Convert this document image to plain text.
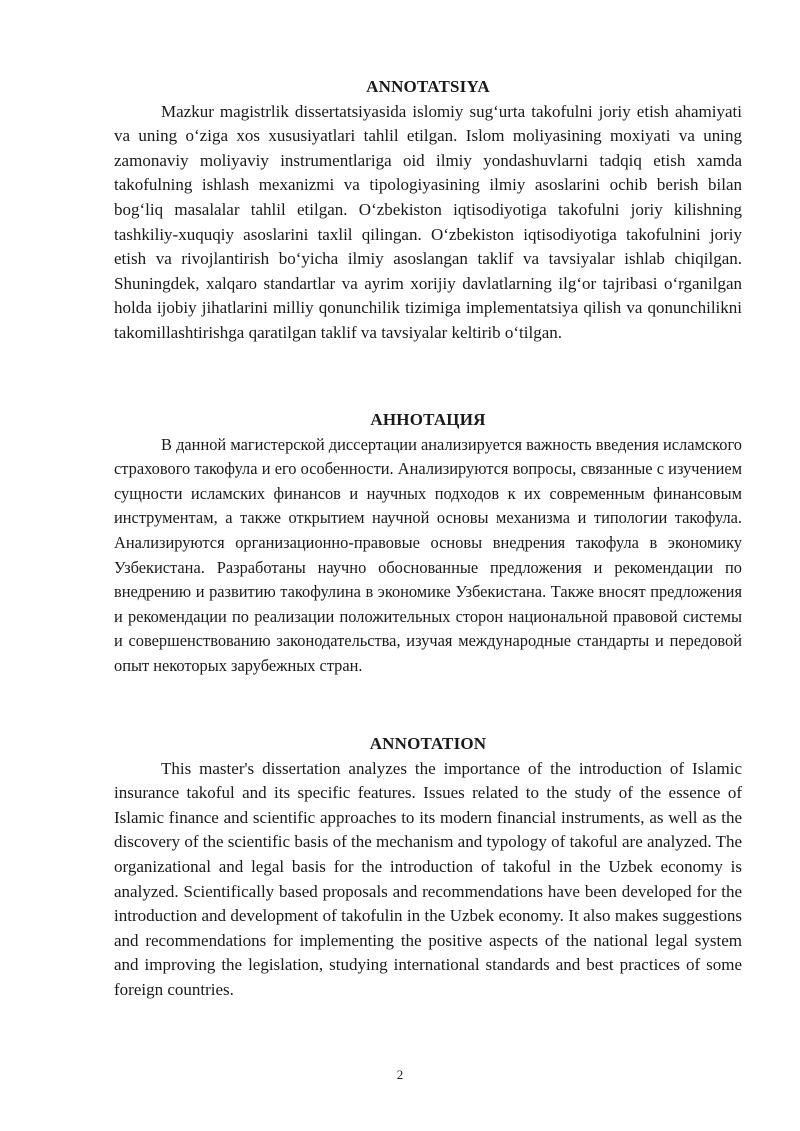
ANNOTATSIYA

Mazkur magistrlik dissertatsiyasida islomiy sugʻurta takofulni joriy etish ahamiyati va uning oʻziga xos xususiyatlari tahlil etilgan. Islom moliyasining moxiyati va uning zamonaviy moliyaviy instrumentlariga oid ilmiy yondashuvlarni tadqiq etish xamda takofulning ishlash mexanizmi va tipologiyasining ilmiy asoslarini ochib berish bilan bogʻliq masalalar tahlil etilgan. Oʻzbekiston iqtisodiyotiga takofulni joriy kilishning tashkiliy-xuquqiy asoslarini taxlil qilingan. Oʻzbekiston iqtisodiyotiga takofulnini joriy etish va rivojlantirish boʻyicha ilmiy asoslangan taklif va tavsiyalar ishlab chiqilgan. Shuningdek, xalqaro standartlar va ayrim xorijiy davlatlarning ilgʻor tajribasi oʻrganilgan holda ijobiy jihatlarini milliy qonunchilik tizimiga implementatsiya qilish va qonunchilikni takomillashtirishga qaratilgan taklif va tavsiyalar keltirib oʻtilgan.

АННОТАЦИЯ

В данной магистерской диссертации анализируется важность введения исламского страхового такофула и его особенности. Анализируются вопросы, связанные с изучением сущности исламских финансов и научных подходов к их современным финансовым инструментам, а также открытием научной основы механизма и типологии такофула. Анализируются организационно-правовые основы внедрения такофула в экономику Узбекистана. Разработаны научно обоснованные предложения и рекомендации по внедрению и развитию такофулина в экономике Узбекистана. Также вносят предложения и рекомендации по реализации положительных сторон национальной правовой системы и совершенствованию законодательства, изучая международные стандарты и передовой опыт некоторых зарубежных стран.

ANNOTATION

This master's dissertation analyzes the importance of the introduction of Islamic insurance takoful and its specific features. Issues related to the study of the essence of Islamic finance and scientific approaches to its modern financial instruments, as well as the discovery of the scientific basis of the mechanism and typology of takoful are analyzed. The organizational and legal basis for the introduction of takoful in the Uzbek economy is analyzed. Scientifically based proposals and recommendations have been developed for the introduction and development of takofulin in the Uzbek economy. It also makes suggestions and recommendations for implementing the positive aspects of the national legal system and improving the legislation, studying international standards and best practices of some foreign countries.

2
